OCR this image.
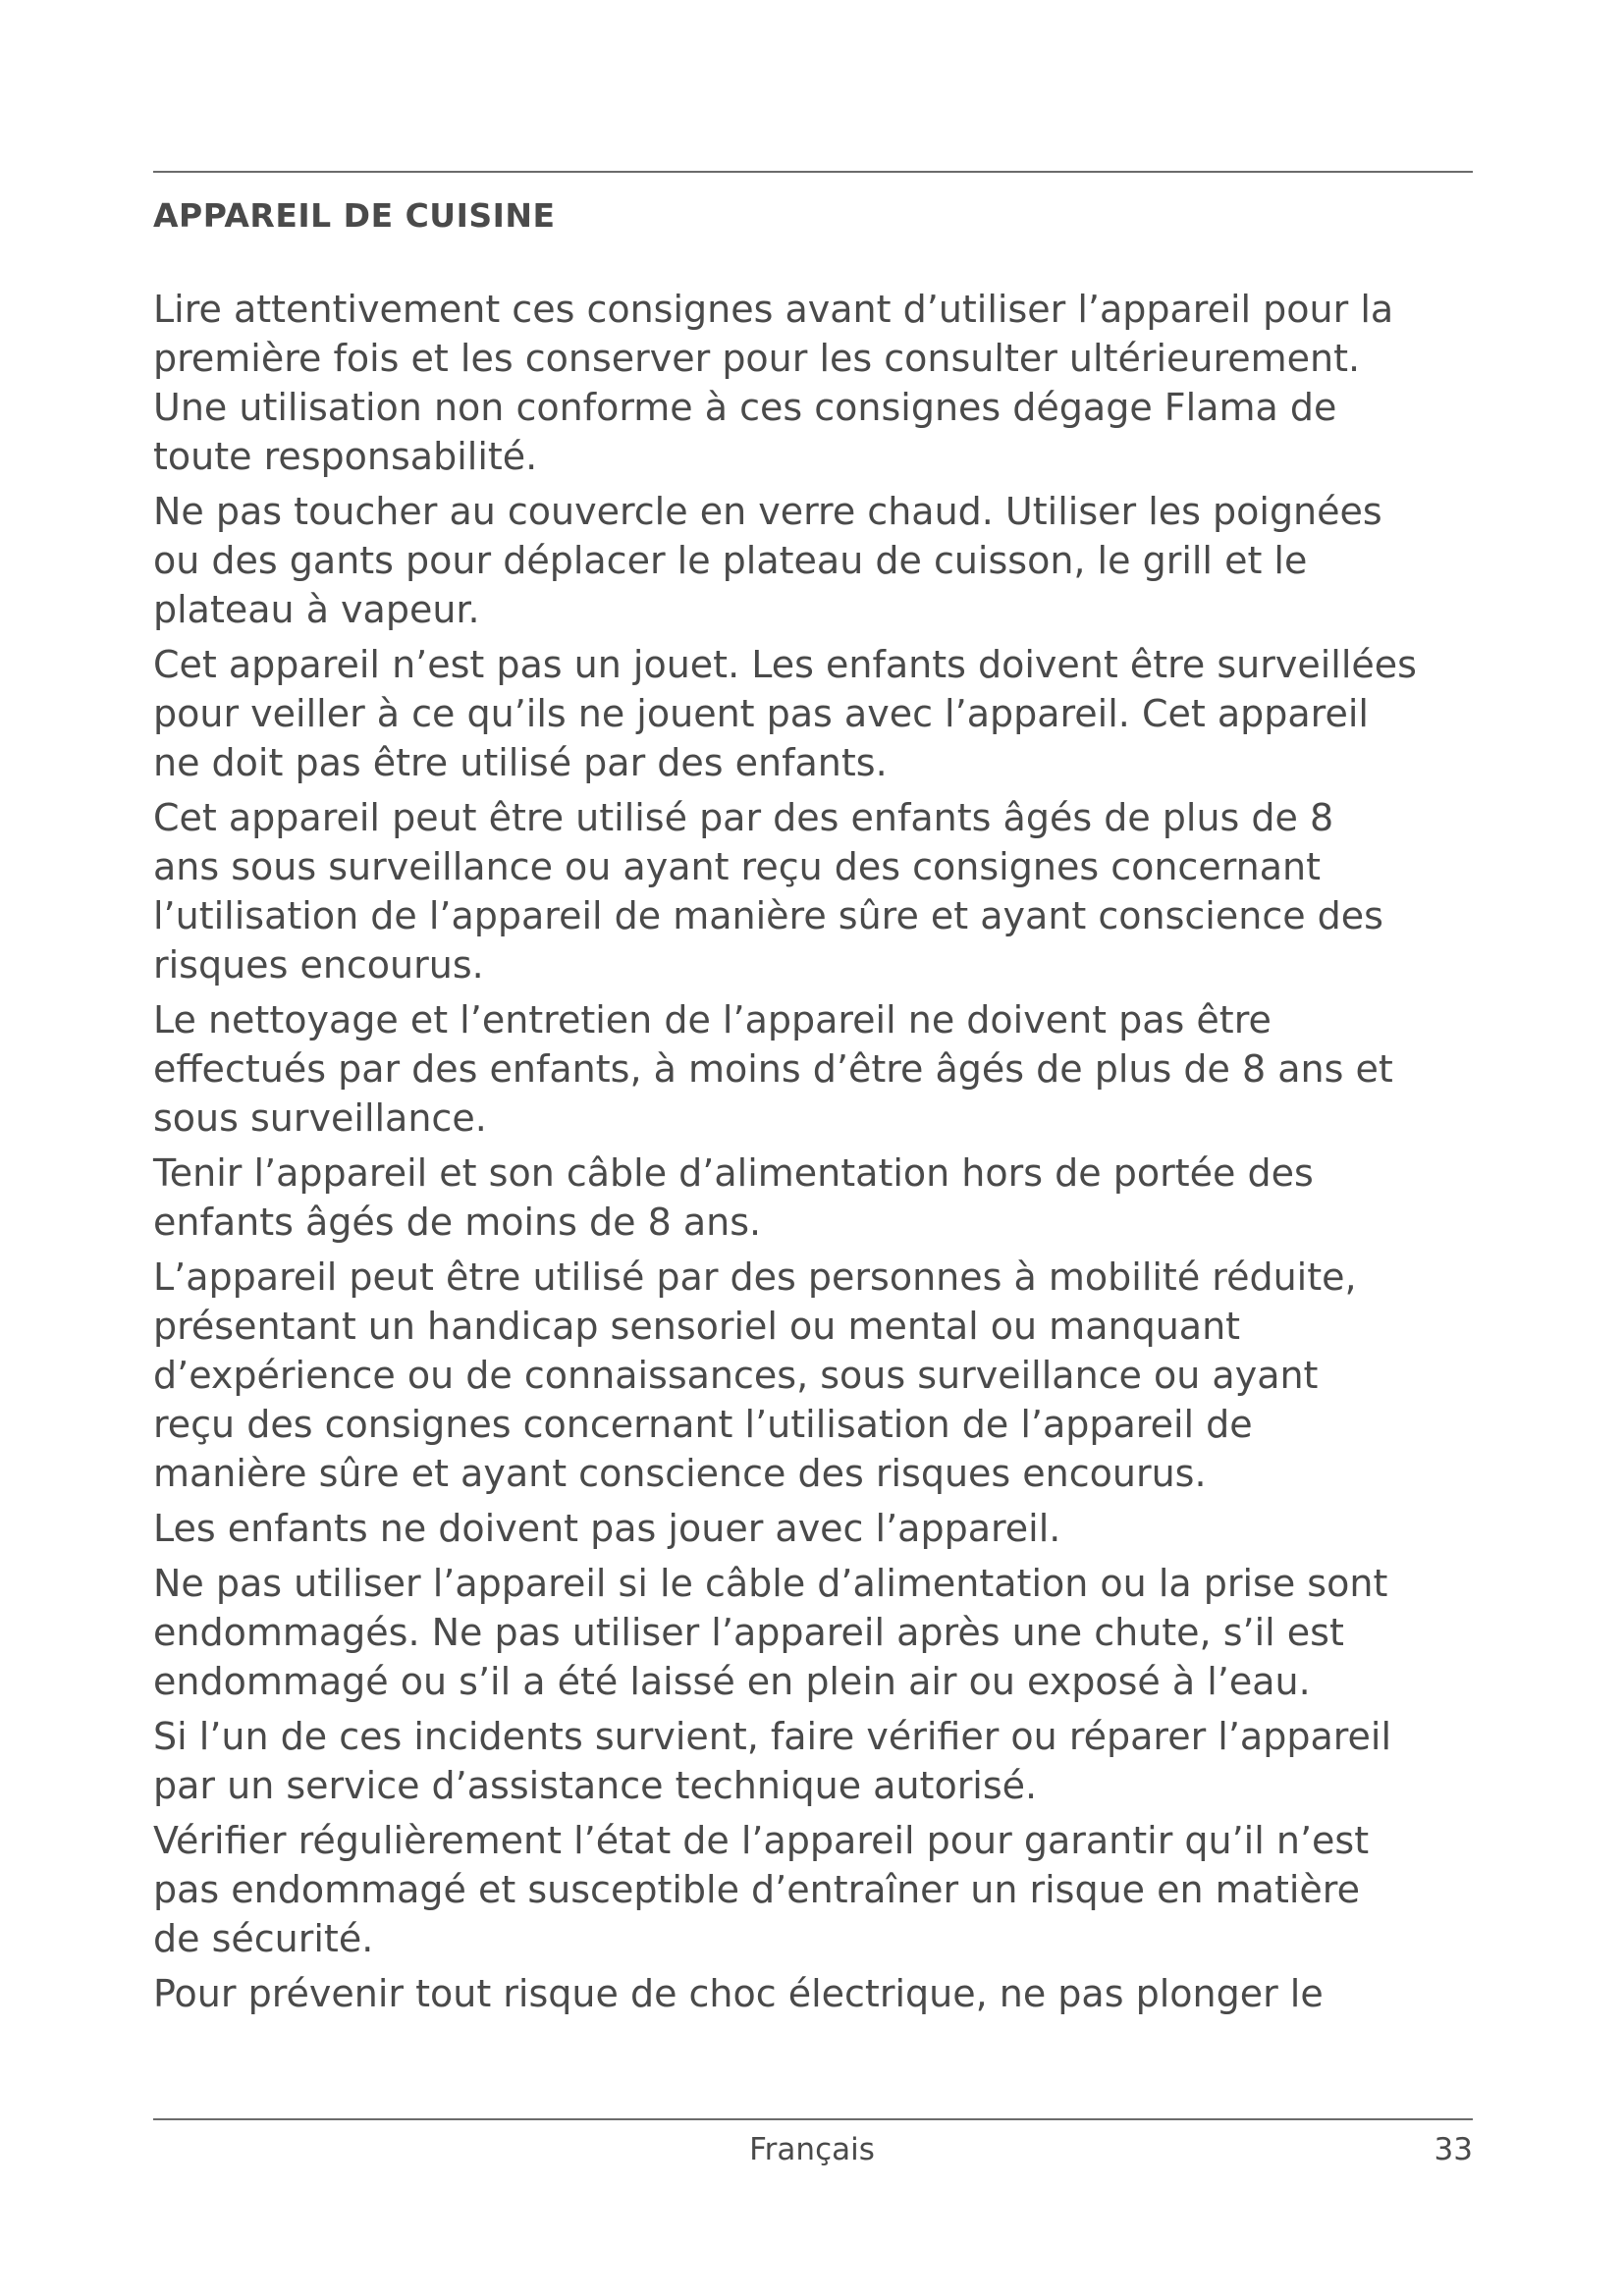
APPAREIL DE CUISINE

Lire attentivement ces consignes avant d’utiliser l’appareil pour la
première fois et les conserver pour les consulter ultérieurement.
Une utilisation non conforme à ces consignes dégage Flama de
toute responsabilité.

Ne pas toucher au couvercle en verre chaud. Utiliser les poignées
ou des gants pour déplacer le plateau de cuisson, le grill et le
plateau à vapeur.

Cet appareil n’est pas un jouet. Les enfants doivent être surveillées
pour veiller à ce qu’ils ne jouent pas avec l’appareil. Cet appareil
ne doit pas être utilisé par des enfants.

Cet appareil peut être utilisé par des enfants âgés de plus de 8
ans sous surveillance ou ayant reçu des consignes concernant
l’utilisation de l’appareil de manière sûre et ayant conscience des
risques encourus.

Le nettoyage et l’entretien de l’appareil ne doivent pas être
effectués par des enfants, à moins d’être âgés de plus de 8 ans et
sous surveillance.

Tenir l’appareil et son câble d’alimentation hors de portée des
enfants âgés de moins de 8 ans.

L’appareil peut être utilisé par des personnes à mobilité réduite,
présentant un handicap sensoriel ou mental ou manquant
d’expérience ou de connaissances, sous surveillance ou ayant
reçu des consignes concernant l’utilisation de l’appareil de
manière sûre et ayant conscience des risques encourus.

Les enfants ne doivent pas jouer avec l’appareil.

Ne pas utiliser l’appareil si le câble d’alimentation ou la prise sont
endommagés. Ne pas utiliser l’appareil après une chute, s’il est
endommagé ou s’il a été laissé en plein air ou exposé à l’eau.

Si l’un de ces incidents survient, faire vérifier ou réparer l’appareil
par un service d’assistance technique autorisé.

Vérifier régulièrement l’état de l’appareil pour garantir qu’il n’est
pas endommagé et susceptible d’entraîner un risque en matière
de sécurité.

Pour prévenir tout risque de choc électrique, ne pas plonger le

Français	33
